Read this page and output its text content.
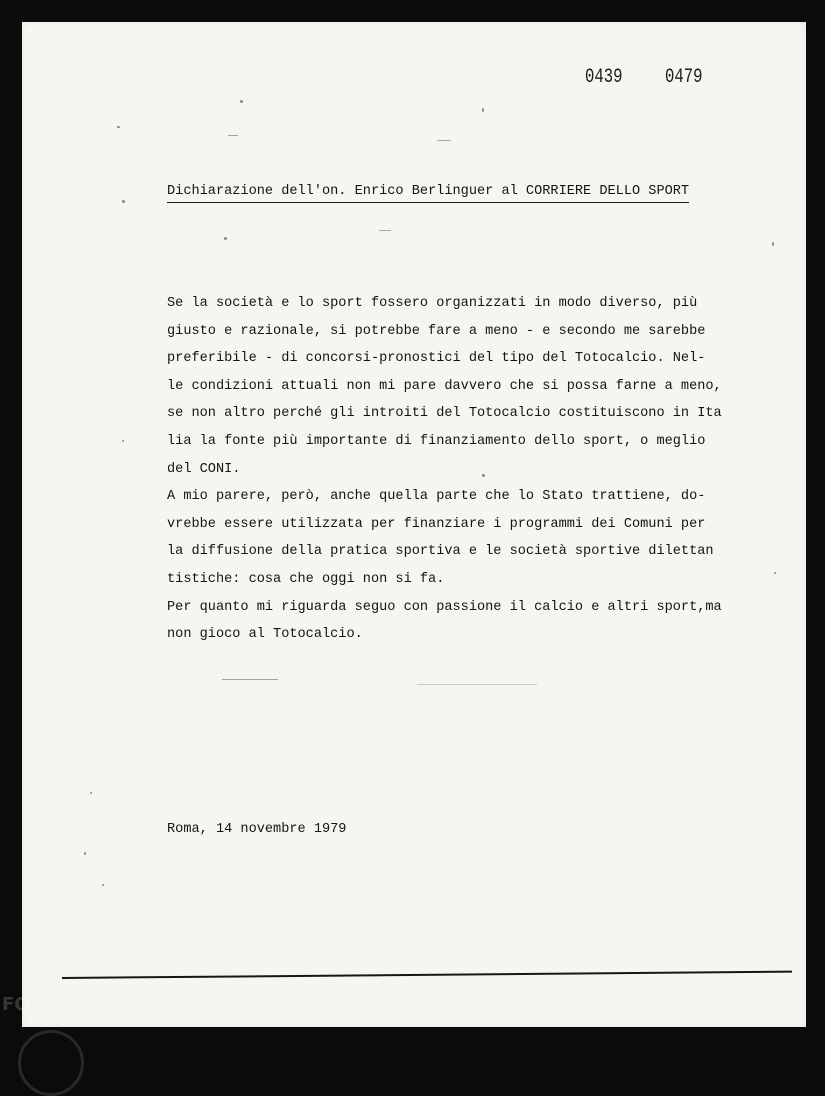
0439 0479
Dichiarazione dell'on. Enrico Berlinguer al CORRIERE DELLO SPORT
Se la società e lo sport fossero organizzati in modo diverso, più
giusto e razionale, si potrebbe fare a meno - e secondo me sarebbe
preferibile - di concorsi-pronostici del tipo del Totocalcio. Nel-
le condizioni attuali non mi pare davvero che si possa farne a meno,
se non altro perché gli introiti del Totocalcio costituiscono in Ita
lia la fonte più importante di finanziamento dello sport, o meglio
del CONI.
A mio parere, però, anche quella parte che lo Stato trattiene, do-
vrebbe essere utilizzata per finanziare i programmi dei Comuni per
la diffusione della pratica sportiva e le società sportive dilettan
tistiche: cosa che oggi non si fa.
Per quanto mi riguarda seguo con passione il calcio e altri sport,ma
non gioco al Totocalcio.
Roma, 14 novembre 1979
FO
